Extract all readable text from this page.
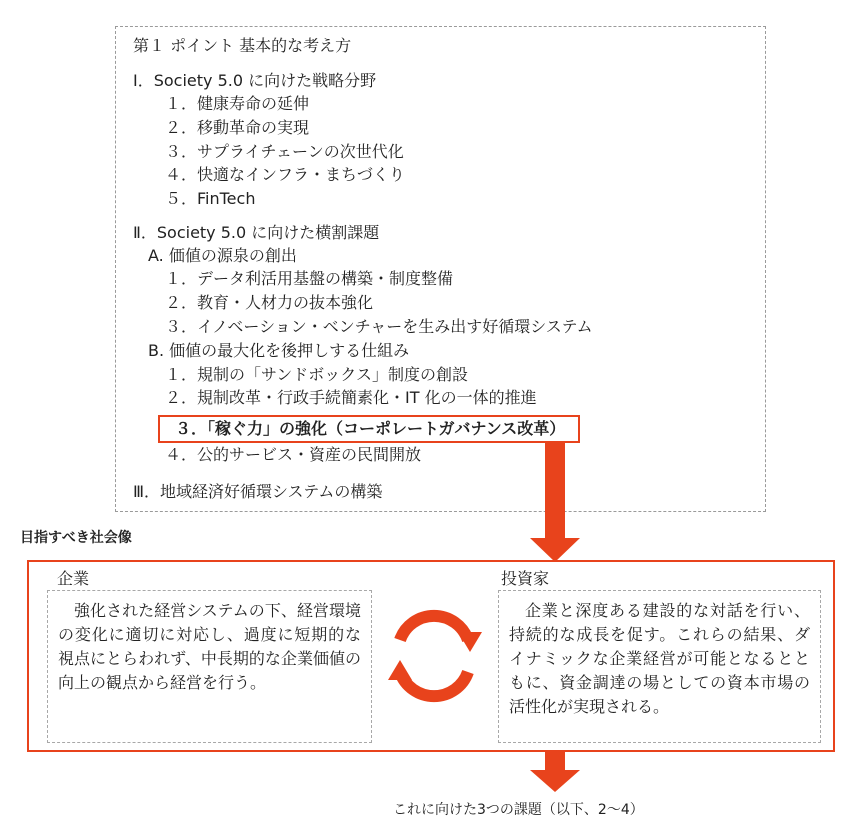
第１ ポイント 基本的な考え方
Ⅰ．Society 5.0 に向けた戦略分野
１．健康寿命の延伸
２．移動革命の実現
３．サプライチェーンの次世代化
４．快適なインフラ・まちづくり
５．FinTech
Ⅱ．Society 5.0 に向けた横割課題
A. 価値の源泉の創出
１．データ利活用基盤の構築・制度整備
２．教育・人材力の抜本強化
３．イノベーション・ベンチャーを生み出す好循環システム
B. 価値の最大化を後押しする仕組み
１．規制の「サンドボックス」制度の創設
２．規制改革・行政手続簡素化・IT 化の一体的推進
３．「稼ぐ力」の強化（コーポレートガバナンス改革）
４．公的サービス・資産の民間開放
Ⅲ．地域経済好循環システムの構築
目指すべき社会像
企業
強化された経営システムの下、経営環境の変化に適切に対応し、過度に短期的な視点にとらわれず、中長期的な企業価値の向上の観点から経営を行う。
投資家
企業と深度ある建設的な対話を行い、持続的な成長を促す。これらの結果、ダイナミックな企業経営が可能となるとともに、資金調達の場としての資本市場の活性化が実現される。
これに向けた3つの課題（以下、2～4）
